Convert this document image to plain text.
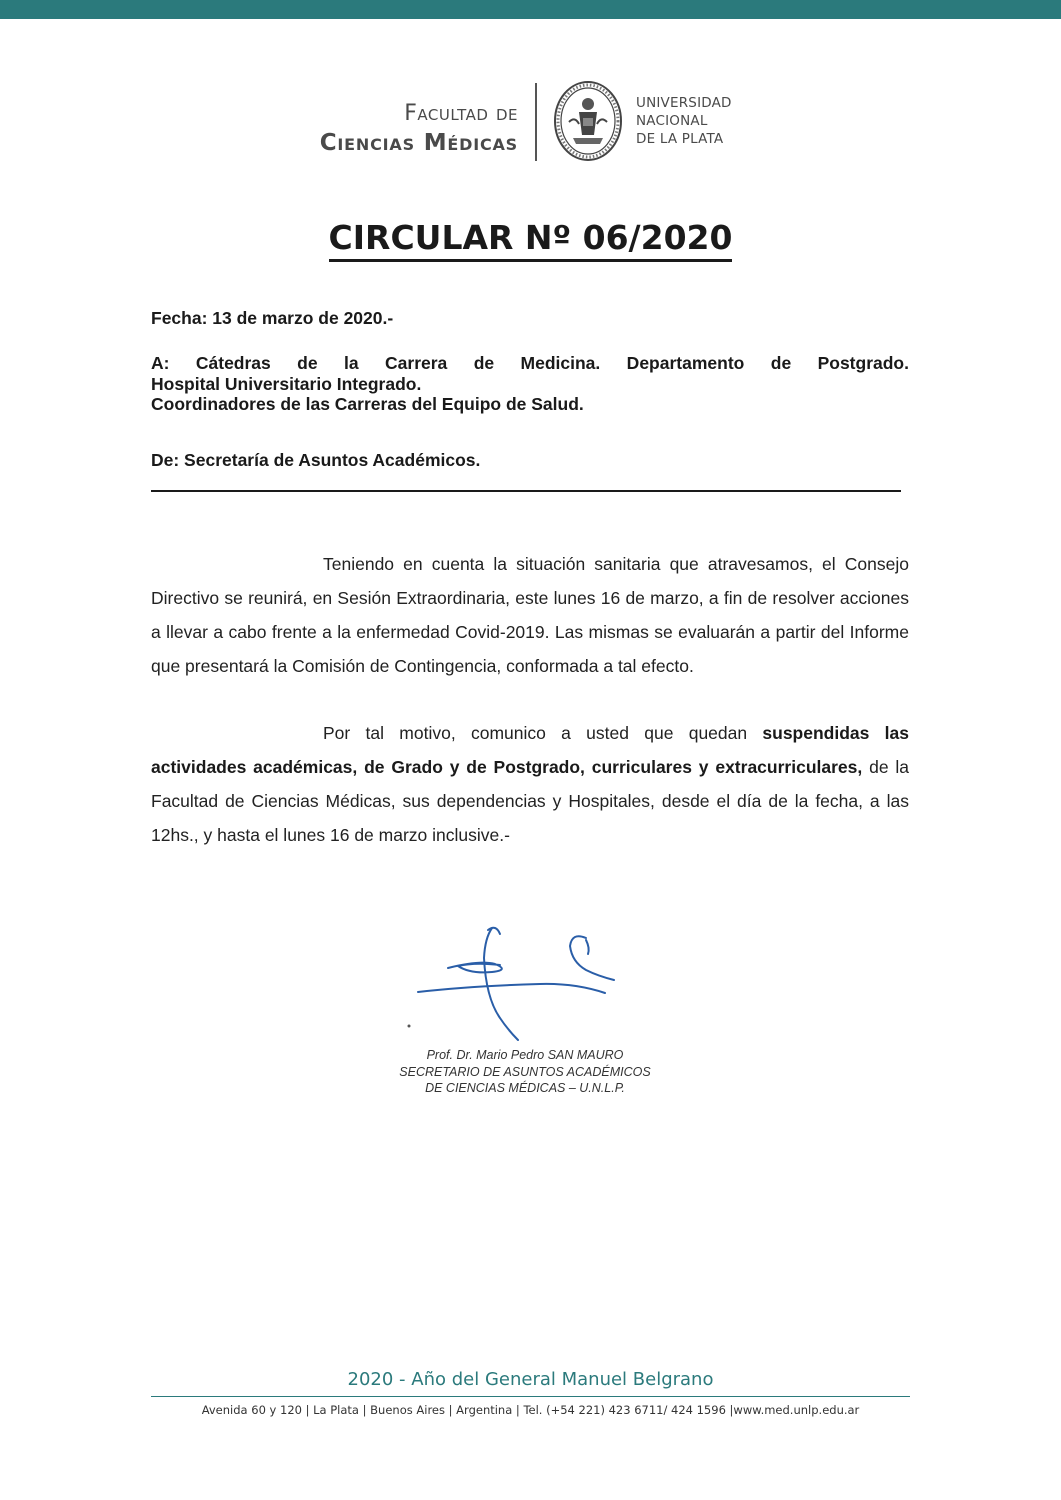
Facultad de
Ciencias Médicas
UNIVERSIDAD
NACIONAL
DE LA PLATA
CIRCULAR Nº 06/2020
Fecha: 13 de marzo de 2020.-
A: Cátedras de la Carrera de Medicina. Departamento de Postgrado.
Hospital Universitario Integrado.
Coordinadores de las Carreras del Equipo de Salud.
De: Secretaría de Asuntos Académicos.
Teniendo en cuenta la situación sanitaria que atravesamos, el Consejo Directivo se reunirá, en Sesión Extraordinaria, este lunes 16 de marzo, a fin de resolver acciones a llevar a cabo frente a la enfermedad Covid-2019. Las mismas se evaluarán a partir del Informe que presentará la Comisión de Contingencia, conformada a tal efecto.
Por tal motivo, comunico a usted que quedan suspendidas las actividades académicas, de Grado y de Postgrado, curriculares y extracurriculares, de la Facultad de Ciencias Médicas, sus dependencias y Hospitales, desde el día de la fecha, a las 12hs., y hasta el lunes 16 de marzo inclusive.-
Prof. Dr. Mario Pedro SAN MAURO
SECRETARIO DE ASUNTOS ACADÉMICOS
DE CIENCIAS MÉDICAS – U.N.L.P.
2020 - Año del General Manuel Belgrano
Avenida 60 y 120 | La Plata | Buenos Aires | Argentina | Tel. (+54 221) 423 6711/ 424 1596 |www.med.unlp.edu.ar
